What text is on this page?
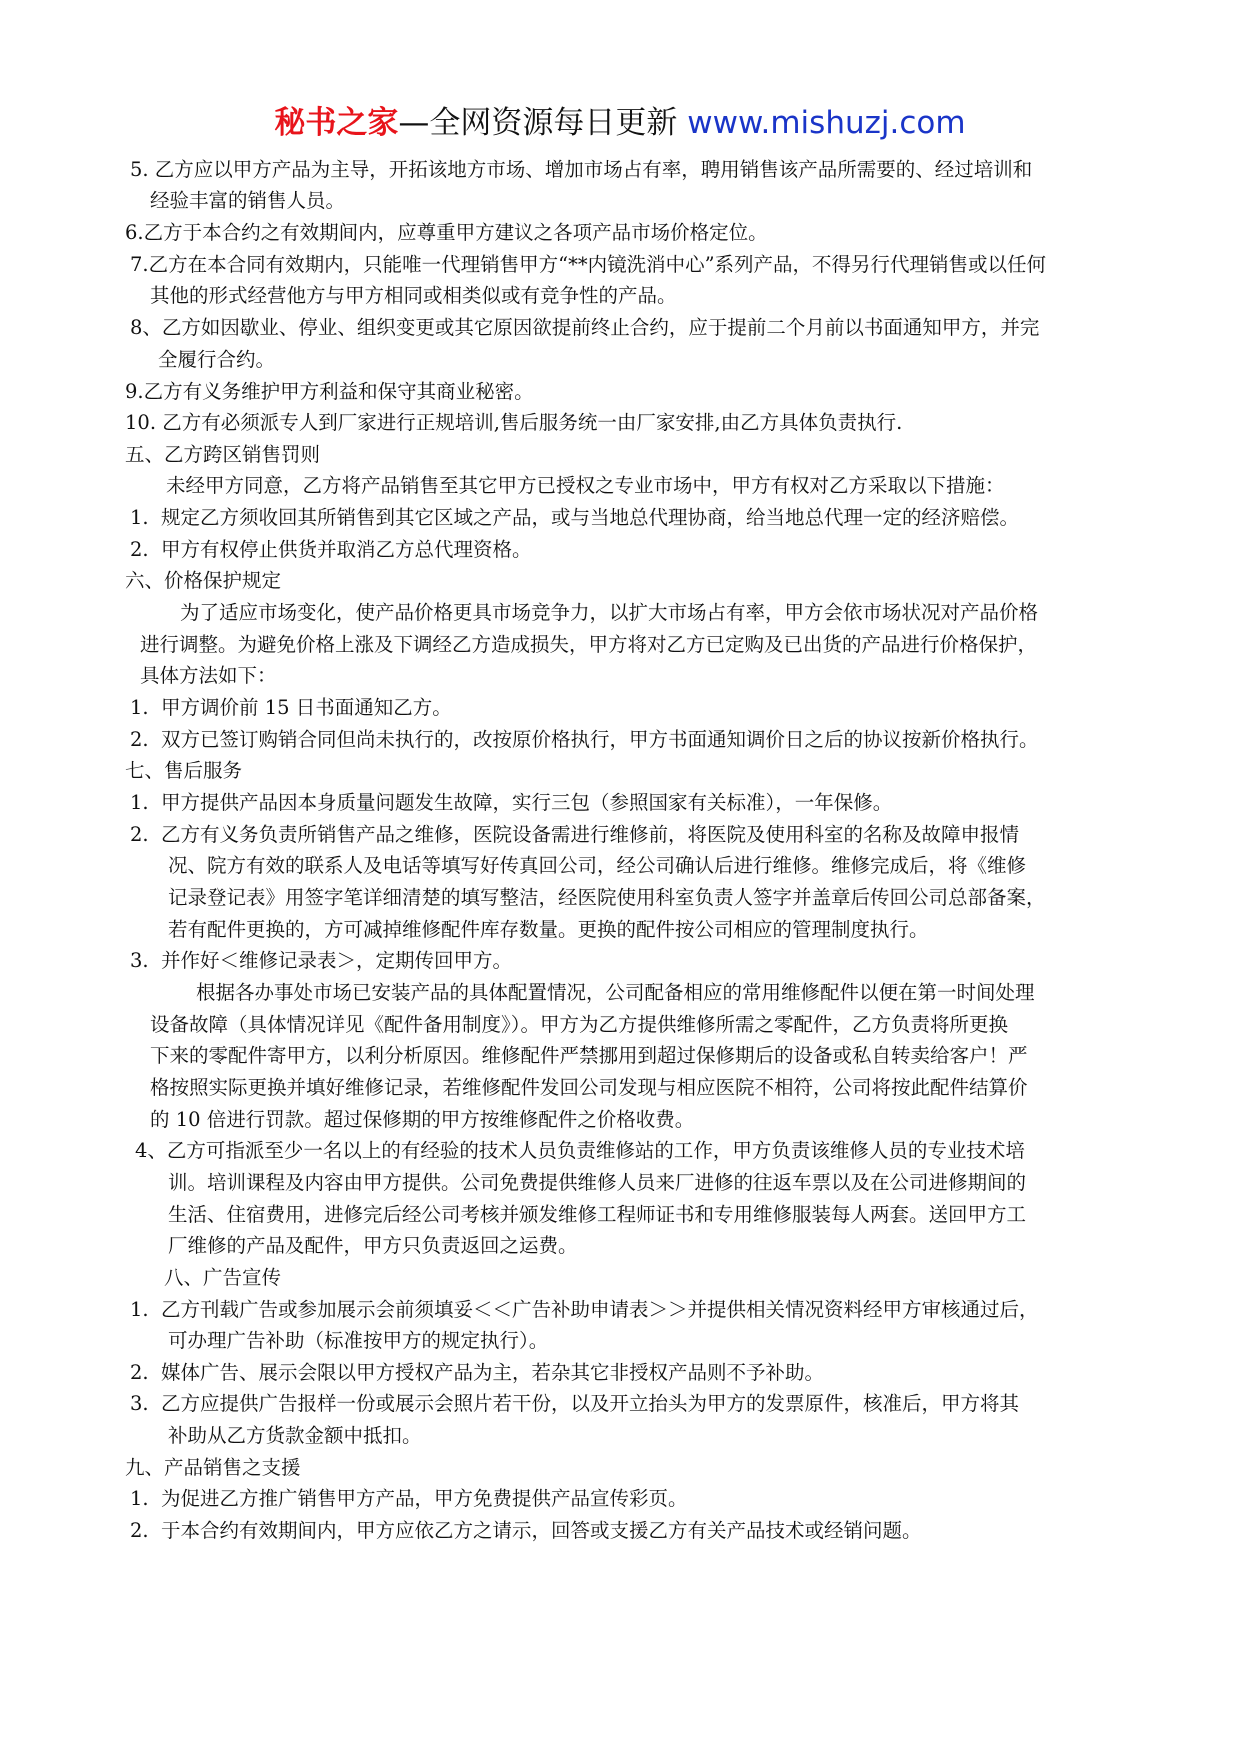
秘书之家—全网资源每日更新 www.mishuzj.com
5. 乙方应以甲方产品为主导，开拓该地方市场、增加市场占有率，聘用销售该产品所需要的、经过培训和
经验丰富的销售人员。
6.乙方于本合约之有效期间内，应尊重甲方建议之各项产品市场价格定位。
7.乙方在本合同有效期内，只能唯一代理销售甲方“**内镜洗消中心”系列产品，不得另行代理销售或以任何
其他的形式经营他方与甲方相同或相类似或有竞争性的产品。
8、乙方如因歇业、停业、组织变更或其它原因欲提前终止合约，应于提前二个月前以书面通知甲方，并完
全履行合约。
9.乙方有义务维护甲方利益和保守其商业秘密。
10. 乙方有必须派专人到厂家进行正规培训,售后服务统一由厂家安排,由乙方具体负责执行.
五、乙方跨区销售罚则
未经甲方同意，乙方将产品销售至其它甲方已授权之专业市场中，甲方有权对乙方采取以下措施：
1.  规定乙方须收回其所销售到其它区域之产品，或与当地总代理协商，给当地总代理一定的经济赔偿。
2.  甲方有权停止供货并取消乙方总代理资格。
六、价格保护规定
为了适应市场变化，使产品价格更具市场竞争力，以扩大市场占有率，甲方会依市场状况对产品价格
进行调整。为避免价格上涨及下调经乙方造成损失，甲方将对乙方已定购及已出货的产品进行价格保护，
具体方法如下：
1.  甲方调价前 15 日书面通知乙方。
2.  双方已签订购销合同但尚未执行的，改按原价格执行，甲方书面通知调价日之后的协议按新价格执行。
七、售后服务
1.  甲方提供产品因本身质量问题发生故障，实行三包（参照国家有关标准），一年保修。
2.  乙方有义务负责所销售产品之维修，医院设备需进行维修前，将医院及使用科室的名称及故障申报情
况、院方有效的联系人及电话等填写好传真回公司，经公司确认后进行维修。维修完成后，将《维修
记录登记表》用签字笔详细清楚的填写整洁，经医院使用科室负责人签字并盖章后传回公司总部备案，
若有配件更换的，方可减掉维修配件库存数量。更换的配件按公司相应的管理制度执行。
3.  并作好＜维修记录表＞，定期传回甲方。
根据各办事处市场已安装产品的具体配置情况，公司配备相应的常用维修配件以便在第一时间处理
设备故障（具体情况详见《配件备用制度》）。甲方为乙方提供维修所需之零配件，乙方负责将所更换
下来的零配件寄甲方，以利分析原因。维修配件严禁挪用到超过保修期后的设备或私自转卖给客户！严
格按照实际更换并填好维修记录，若维修配件发回公司发现与相应医院不相符，公司将按此配件结算价
的 10 倍进行罚款。超过保修期的甲方按维修配件之价格收费。
4、乙方可指派至少一名以上的有经验的技术人员负责维修站的工作，甲方负责该维修人员的专业技术培
训。培训课程及内容由甲方提供。公司免费提供维修人员来厂进修的往返车票以及在公司进修期间的
生活、住宿费用，进修完后经公司考核并颁发维修工程师证书和专用维修服装每人两套。送回甲方工
厂维修的产品及配件，甲方只负责返回之运费。
八、广告宣传
1.  乙方刊载广告或参加展示会前须填妥＜＜广告补助申请表＞＞并提供相关情况资料经甲方审核通过后，
可办理广告补助（标准按甲方的规定执行）。
2.  媒体广告、展示会限以甲方授权产品为主，若杂其它非授权产品则不予补助。
3.  乙方应提供广告报样一份或展示会照片若干份，以及开立抬头为甲方的发票原件，核准后，甲方将其
补助从乙方货款金额中抵扣。
九、产品销售之支援
1.  为促进乙方推广销售甲方产品，甲方免费提供产品宣传彩页。
2.  于本合约有效期间内，甲方应依乙方之请示，回答或支援乙方有关产品技术或经销问题。
